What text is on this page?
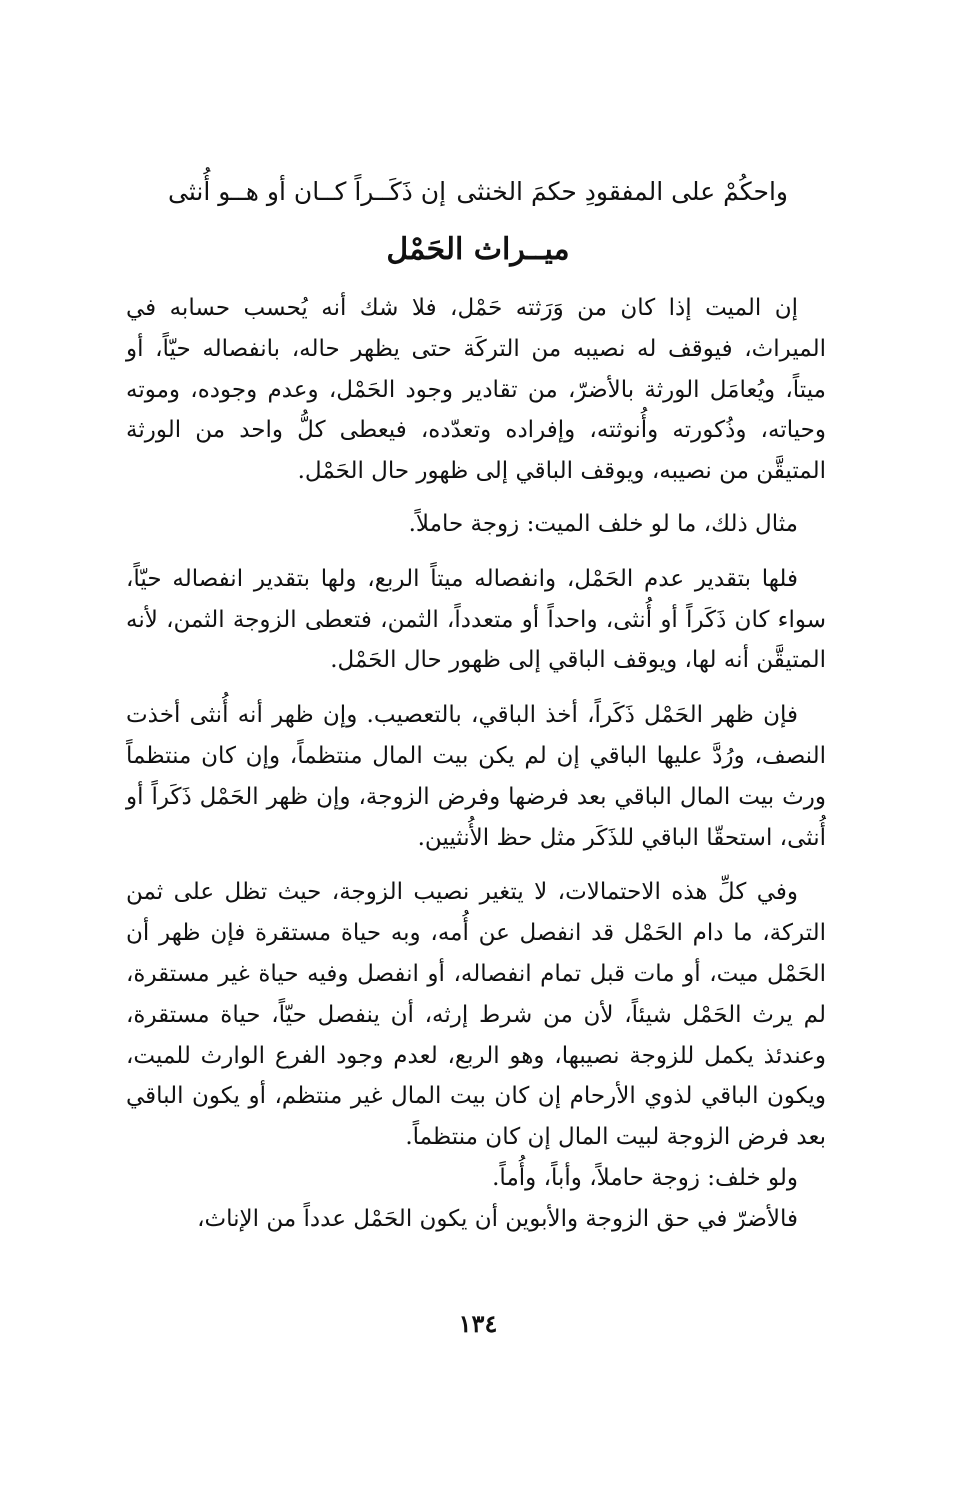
واحكُمْ على المفقودِ حكمَ الخنثى
إن ذَكَــراً كــان أو هــو أُنثى
ميــراث الحَمْل

إن الميت إذا كان من وَرَثته حَمْل، فلا شك أنه يُحسب حسابه في الميراث، فيوقف له نصيبه من التركَة حتى يظهر حاله، بانفصاله حيّاً، أو ميتاً، ويُعامَل الورثة بالأضرّ، من تقادير وجود الحَمْل، وعدم وجوده، وموته وحياته، وذُكورته وأُنوثته، وإفراده وتعدّده، فيعطى كلُّ واحد من الورثة المتيقَّن من نصيبه، ويوقف الباقي إلى ظهور حال الحَمْل.

مثال ذلك، ما لو خلف الميت: زوجة حاملاً.

فلها بتقدير عدم الحَمْل، وانفصاله ميتاً الربع، ولها بتقدير انفصاله حيّاً، سواء كان ذَكَراً أو أُنثى، واحداً أو متعدداً، الثمن، فتعطى الزوجة الثمن، لأنه المتيقَّن أنه لها، ويوقف الباقي إلى ظهور حال الحَمْل.

فإن ظهر الحَمْل ذَكَراً، أخذ الباقي، بالتعصيب. وإن ظهر أنه أُنثى أخذت النصف، ورُدَّ عليها الباقي إن لم يكن بيت المال منتظماً، وإن كان منتظماً ورث بيت المال الباقي بعد فرضها وفرض الزوجة، وإن ظهر الحَمْل ذَكَراً أو أُنثى، استحقّا الباقي للذَكَر مثل حظ الأُنثيين.

وفي كلِّ هذه الاحتمالات، لا يتغير نصيب الزوجة، حيث تظل على ثمن التركة، ما دام الحَمْل قد انفصل عن أُمه، وبه حياة مستقرة فإن ظهر أن الحَمْل ميت، أو مات قبل تمام انفصاله، أو انفصل وفيه حياة غير مستقرة، لم يرث الحَمْل شيئاً، لأن من شرط إرثه، أن ينفصل حيّاً، حياة مستقرة، وعندئذ يكمل للزوجة نصيبها، وهو الربع، لعدم وجود الفرع الوارث للميت، ويكون الباقي لذوي الأرحام إن كان بيت المال غير منتظم، أو يكون الباقي بعد فرض الزوجة لبيت المال إن كان منتظماً.

ولو خلف: زوجة حاملاً، وأباً، وأُماً.

فالأضرّ في حق الزوجة والأبوين أن يكون الحَمْل عدداً من الإناث،

١٣٤
